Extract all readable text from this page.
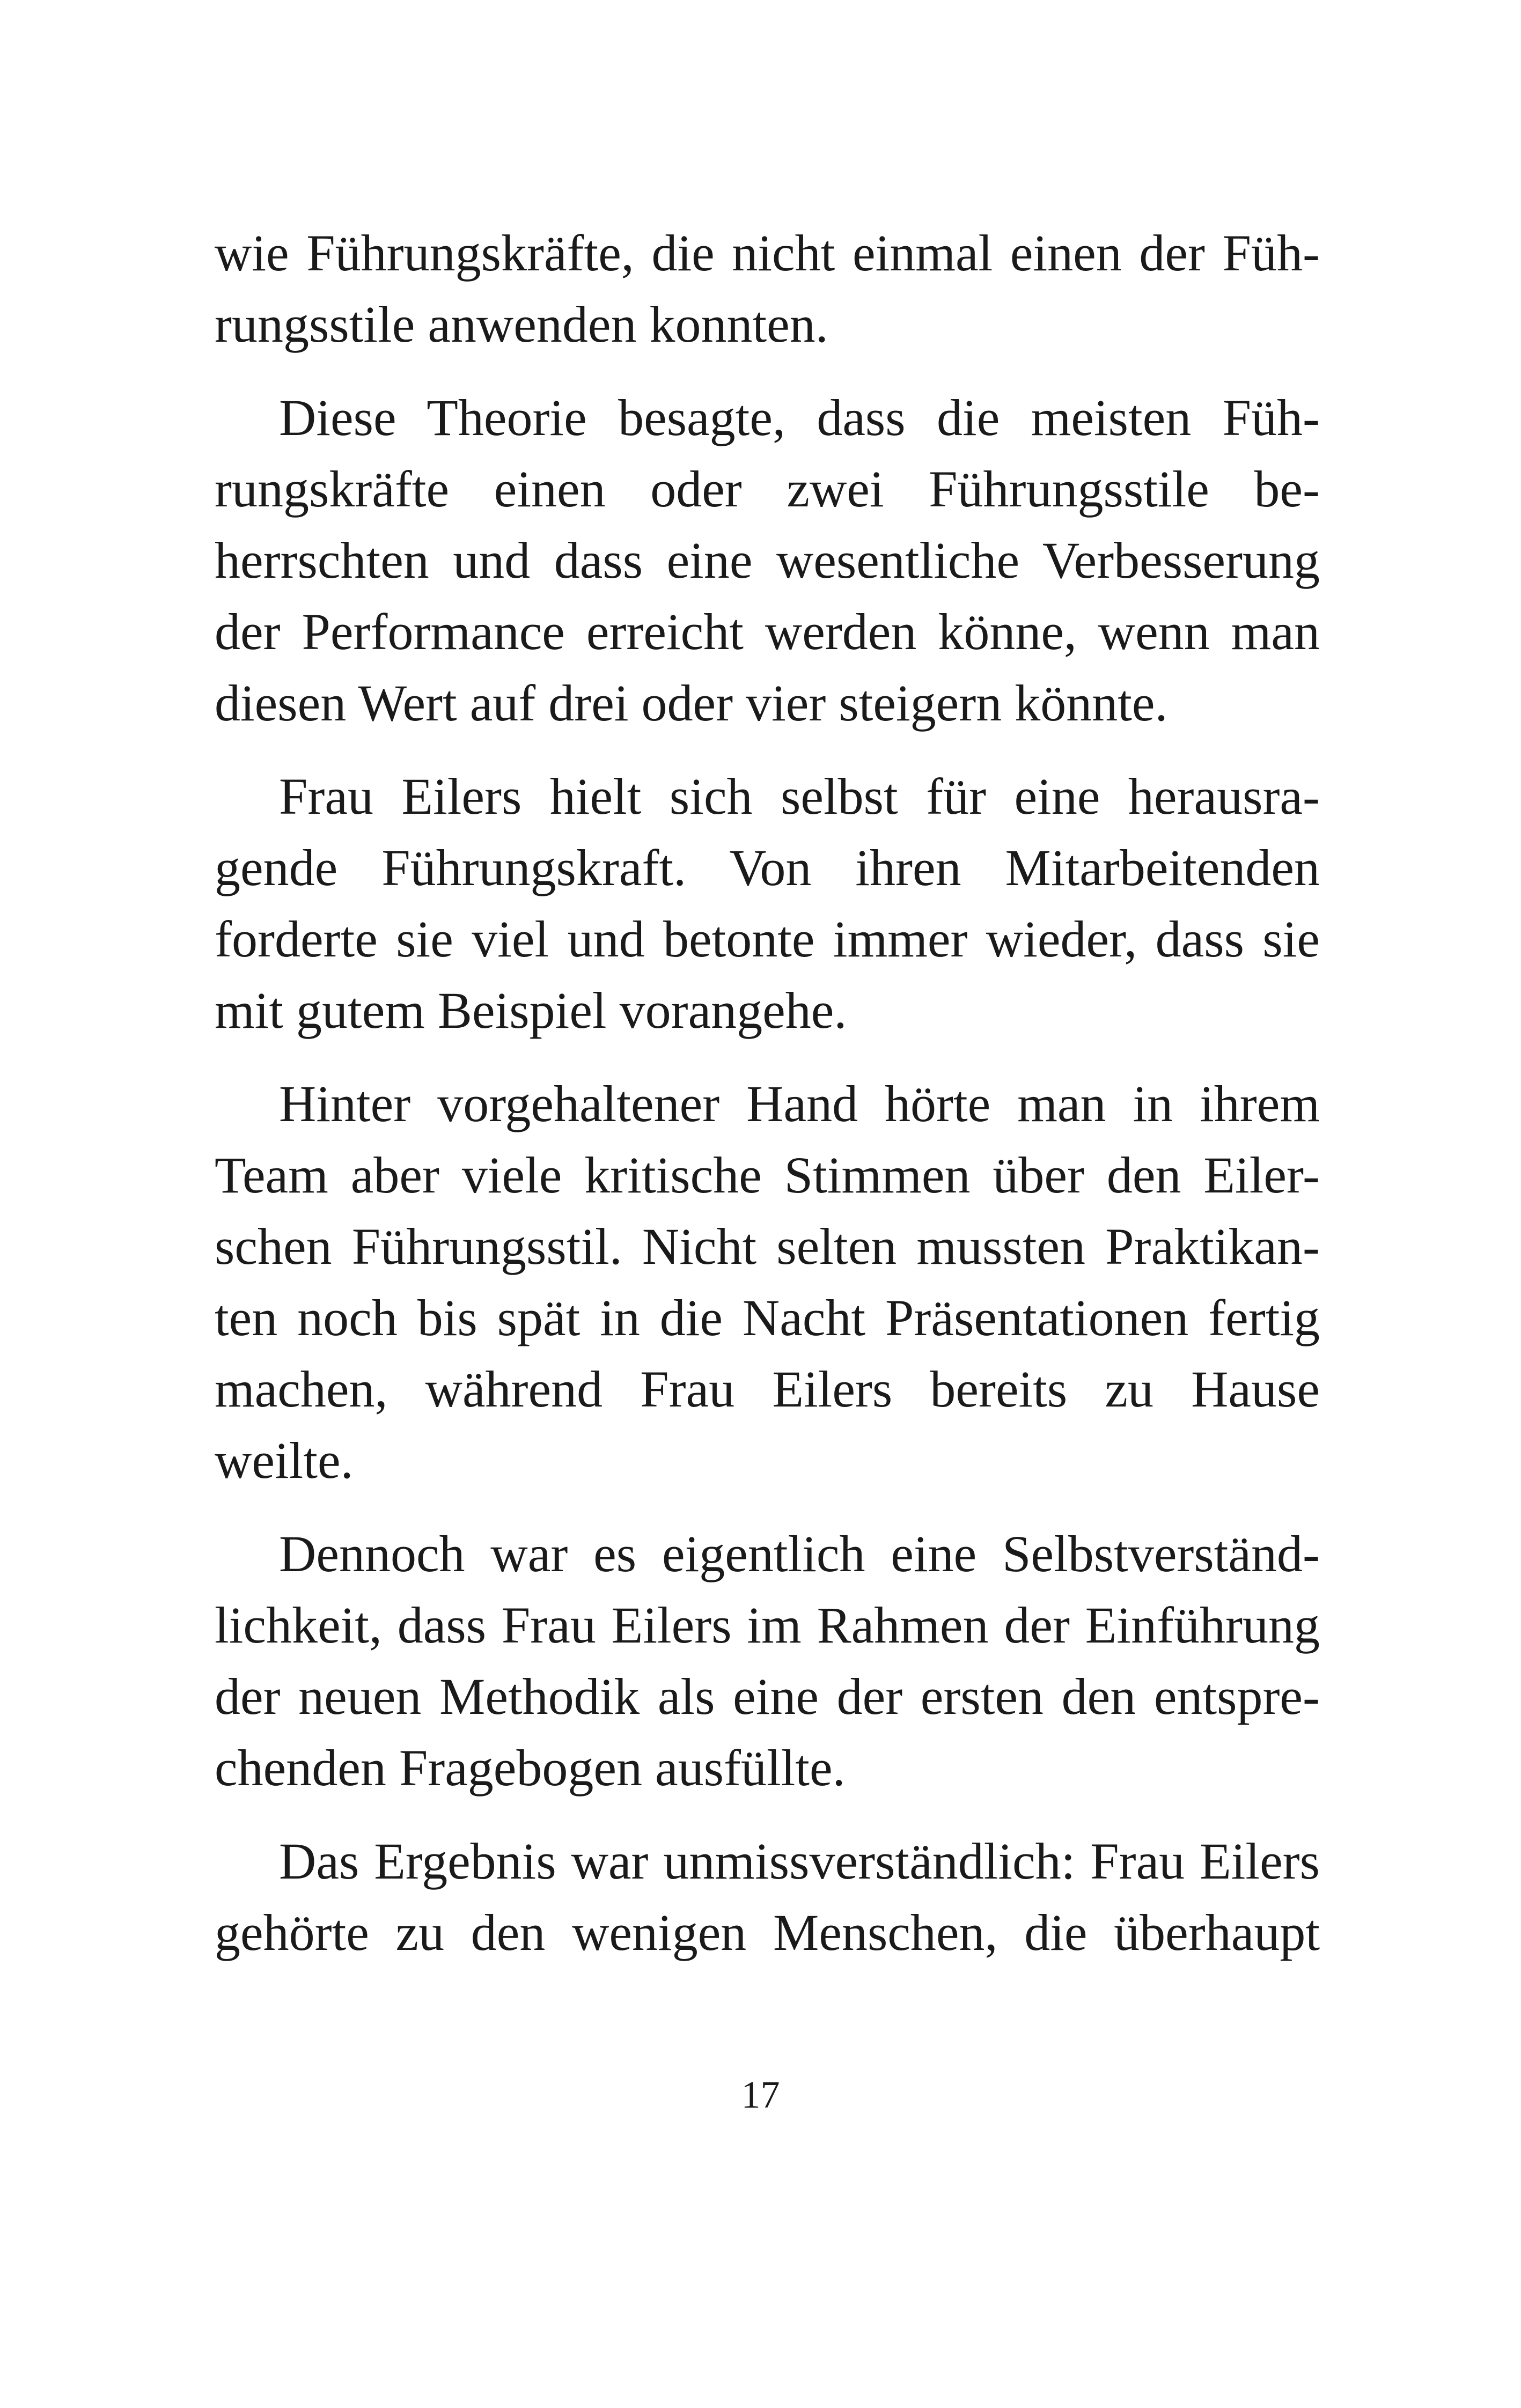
wie Führungskräfte, die nicht einmal einen der Füh-
rungsstile anwenden konnten.
Diese Theorie besagte, dass die meisten Füh-
rungskräfte einen oder zwei Führungsstile be-
herrschten und dass eine wesentliche Verbesserung
der Performance erreicht werden könne, wenn man
diesen Wert auf drei oder vier steigern könnte.
Frau Eilers hielt sich selbst für eine herausra-
gende Führungskraft. Von ihren Mitarbeitenden
forderte sie viel und betonte immer wieder, dass sie
mit gutem Beispiel vorangehe.
Hinter vorgehaltener Hand hörte man in ihrem
Team aber viele kritische Stimmen über den Eiler-
schen Führungsstil. Nicht selten mussten Praktikan-
ten noch bis spät in die Nacht Präsentationen fertig
machen, während Frau Eilers bereits zu Hause
weilte.
Dennoch war es eigentlich eine Selbstverständ-
lichkeit, dass Frau Eilers im Rahmen der Einführung
der neuen Methodik als eine der ersten den entspre-
chenden Fragebogen ausfüllte.
Das Ergebnis war unmissverständlich: Frau Eilers
gehörte zu den wenigen Menschen, die überhaupt
17
